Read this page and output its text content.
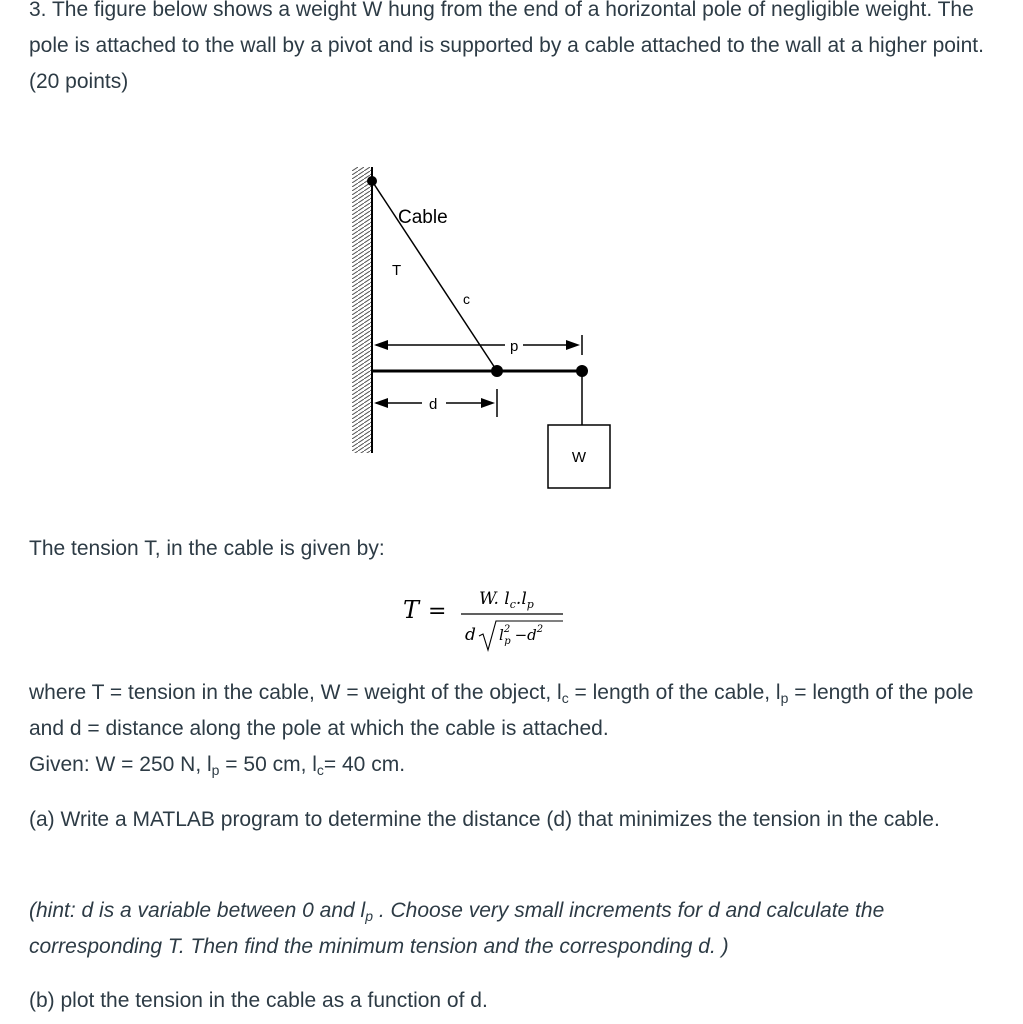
3. The figure below shows a weight W hung from the end of a horizontal pole of negligible weight. The pole is attached to the wall by a pivot and is supported by a cable attached to the wall at a higher point. (20 points)

W
Cable
T
c
p
d

The tension T, in the cable is given by:

T = W. $l_c.l_p$
d $l^2$ $p -d^2$

where T = tension in the cable, W = weight of the object, $l_c$ = length of the cable, $l_p$ = length of the pole and d = distance along the pole at which the cable is attached.
Given: W = 250 N, $l_p = 50$ cm, $l_c= 40$ cm.

(a) Write a MATLAB program to determine the distance (d) that minimizes the tension in the cable.

(hint: d is a variable between 0 and $l_p$ . Choose very small increments for d and calculate the corresponding T. Then find the minimum tension and the corresponding d. )

(b) plot the tension in the cable as a function of d.
